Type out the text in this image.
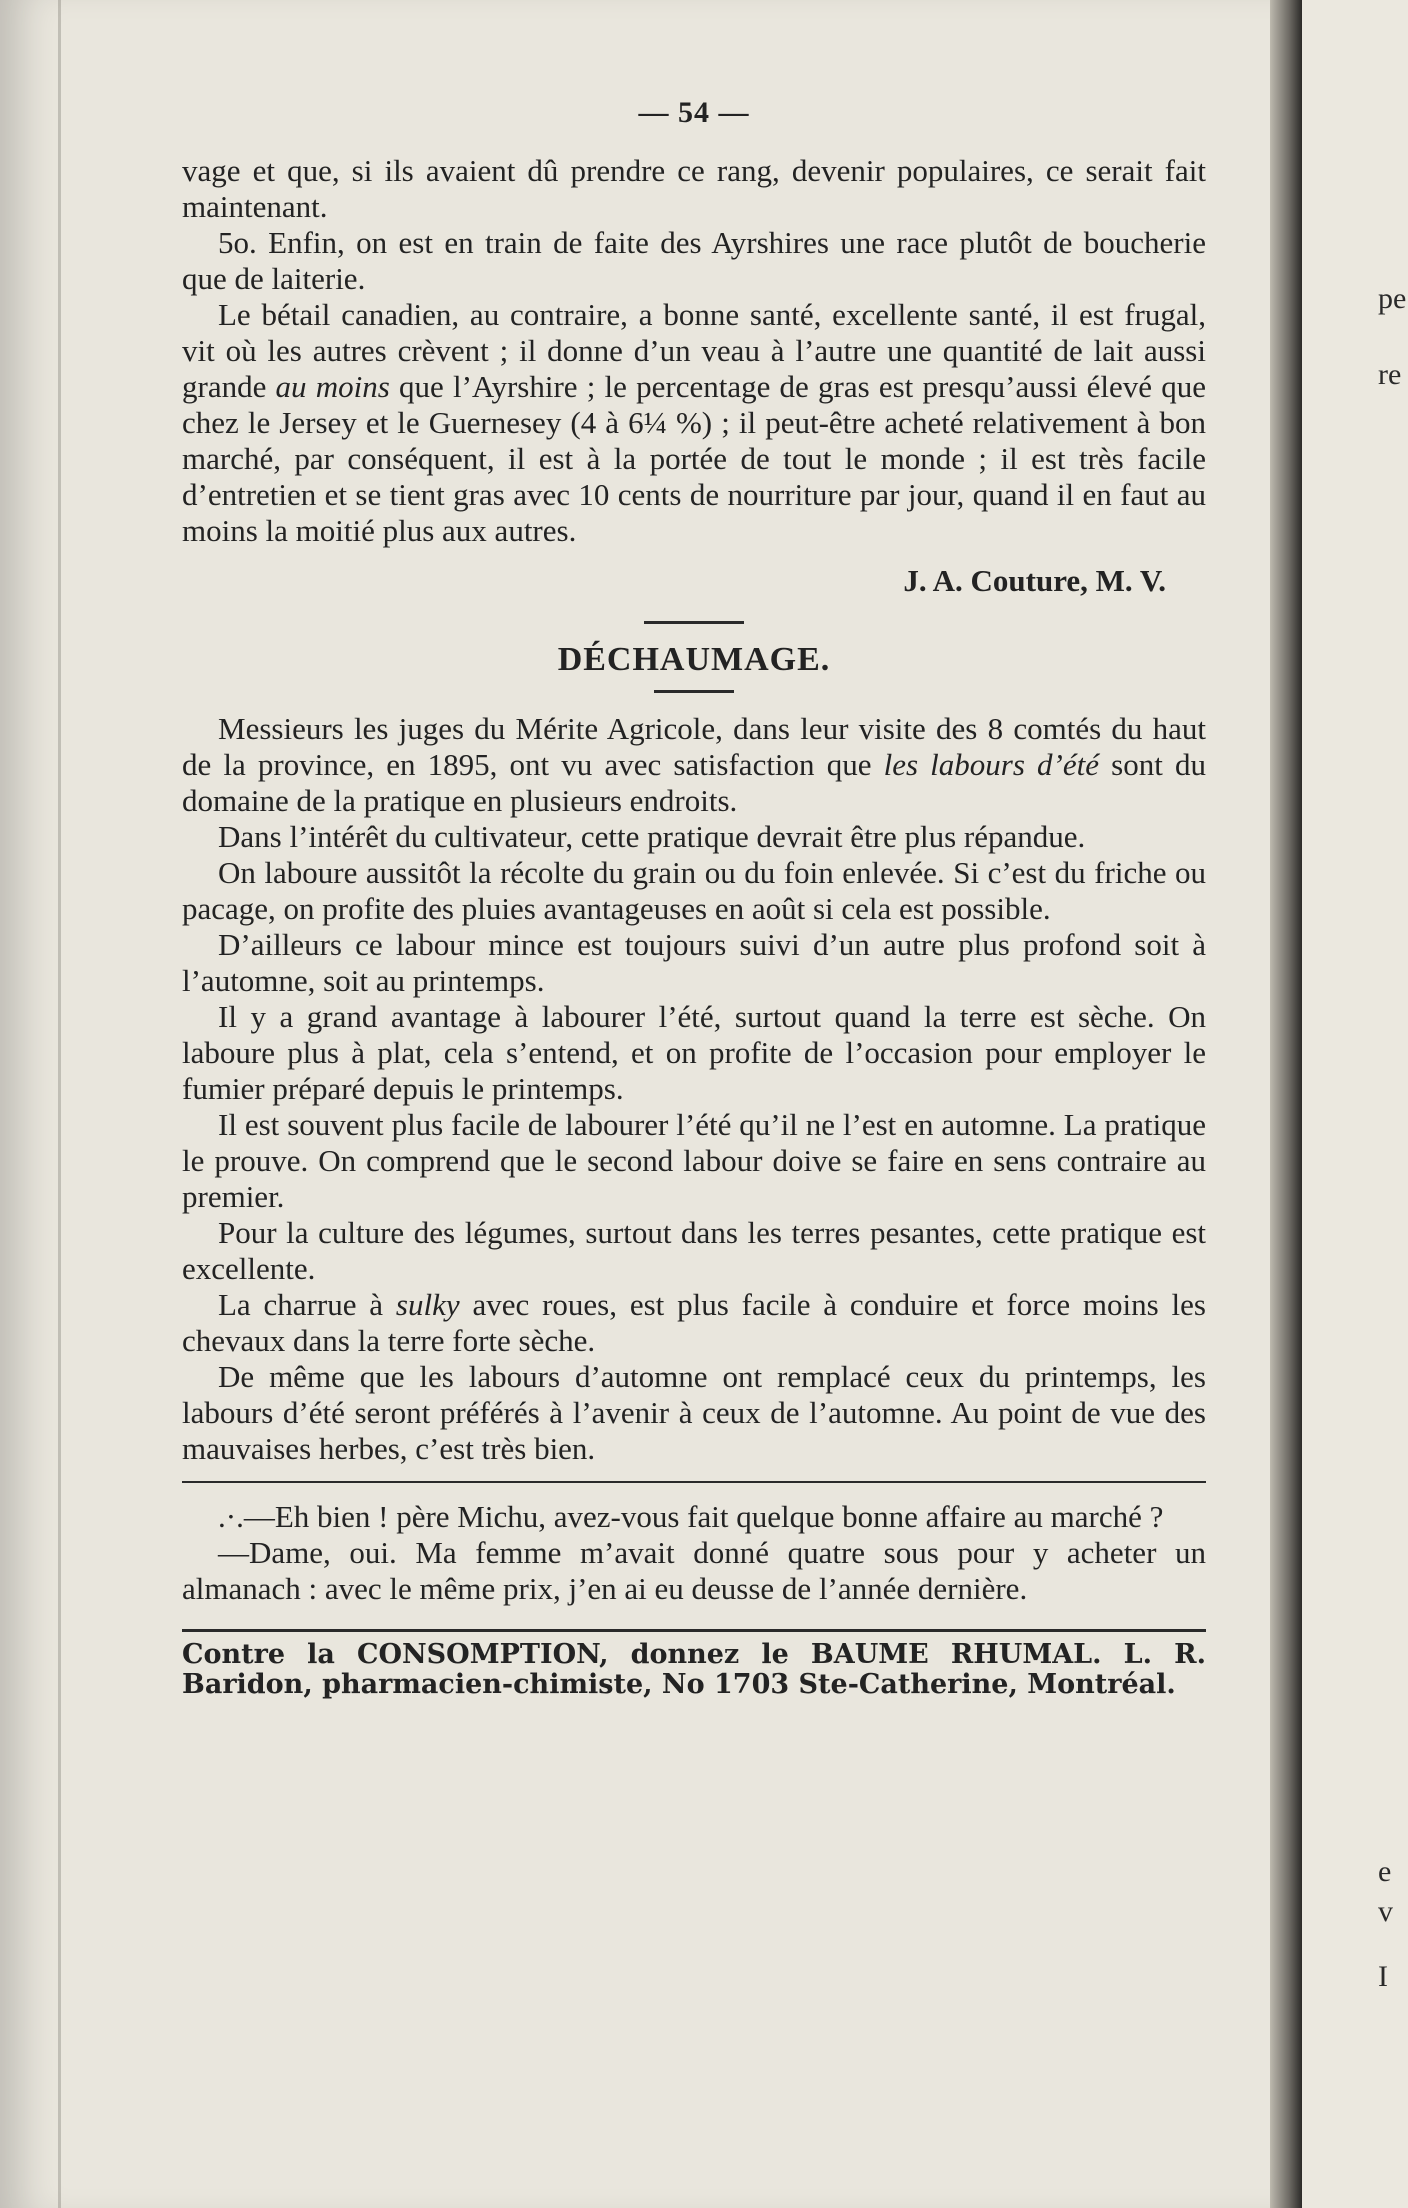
pe
re
e
v
I
— 54 —

vage et que, si ils avaient dû prendre ce rang, devenir populaires, ce serait fait maintenant.

5o. Enfin, on est en train de faite des Ayrshires une race plutôt de boucherie que de laiterie.

Le bétail canadien, au contraire, a bonne santé, excellente santé, il est frugal, vit où les autres crèvent ; il donne d’un veau à l’autre une quantité de lait aussi grande au moins que l’Ayrshire ; le percentage de gras est presqu’aussi élevé que chez le Jersey et le Guernesey (4 à 6¼ %) ; il peut-être acheté relativement à bon marché, par conséquent, il est à la portée de tout le monde ; il est très facile d’entretien et se tient gras avec 10 cents de nourriture par jour, quand il en faut au moins la moitié plus aux autres.

J. A. Couture, M. V.
DÉCHAUMAGE.

Messieurs les juges du Mérite Agricole, dans leur visite des 8 comtés du haut de la province, en 1895, ont vu avec satisfaction que les labours d’été sont du domaine de la pratique en plusieurs endroits.

Dans l’intérêt du cultivateur, cette pratique devrait être plus répandue.

On laboure aussitôt la récolte du grain ou du foin enlevée. Si c’est du friche ou pacage, on profite des pluies avantageuses en août si cela est possible.

D’ailleurs ce labour mince est toujours suivi d’un autre plus profond soit à l’automne, soit au printemps.

Il y a grand avantage à labourer l’été, surtout quand la terre est sèche. On laboure plus à plat, cela s’entend, et on profite de l’occasion pour employer le fumier préparé depuis le printemps.

Il est souvent plus facile de labourer l’été qu’il ne l’est en automne. La pratique le prouve. On comprend que le second labour doive se faire en sens contraire au premier.

Pour la culture des légumes, surtout dans les terres pesantes, cette pratique est excellente.

La charrue à sulky avec roues, est plus facile à conduire et force moins les chevaux dans la terre forte sèche.

De même que les labours d’automne ont remplacé ceux du printemps, les labours d’été seront préférés à l’avenir à ceux de l’automne. Au point de vue des mauvaises herbes, c’est très bien.

.·.—Eh bien ! père Michu, avez-vous fait quelque bonne affaire au marché ?

—Dame, oui. Ma femme m’avait donné quatre sous pour y acheter un almanach : avec le même prix, j’en ai eu deusse de l’année dernière.

Contre la CONSOMPTION, donnez le BAUME RHUMAL. L. R. Baridon, pharmacien-chimiste, No 1703 Ste-Catherine, Montréal.
